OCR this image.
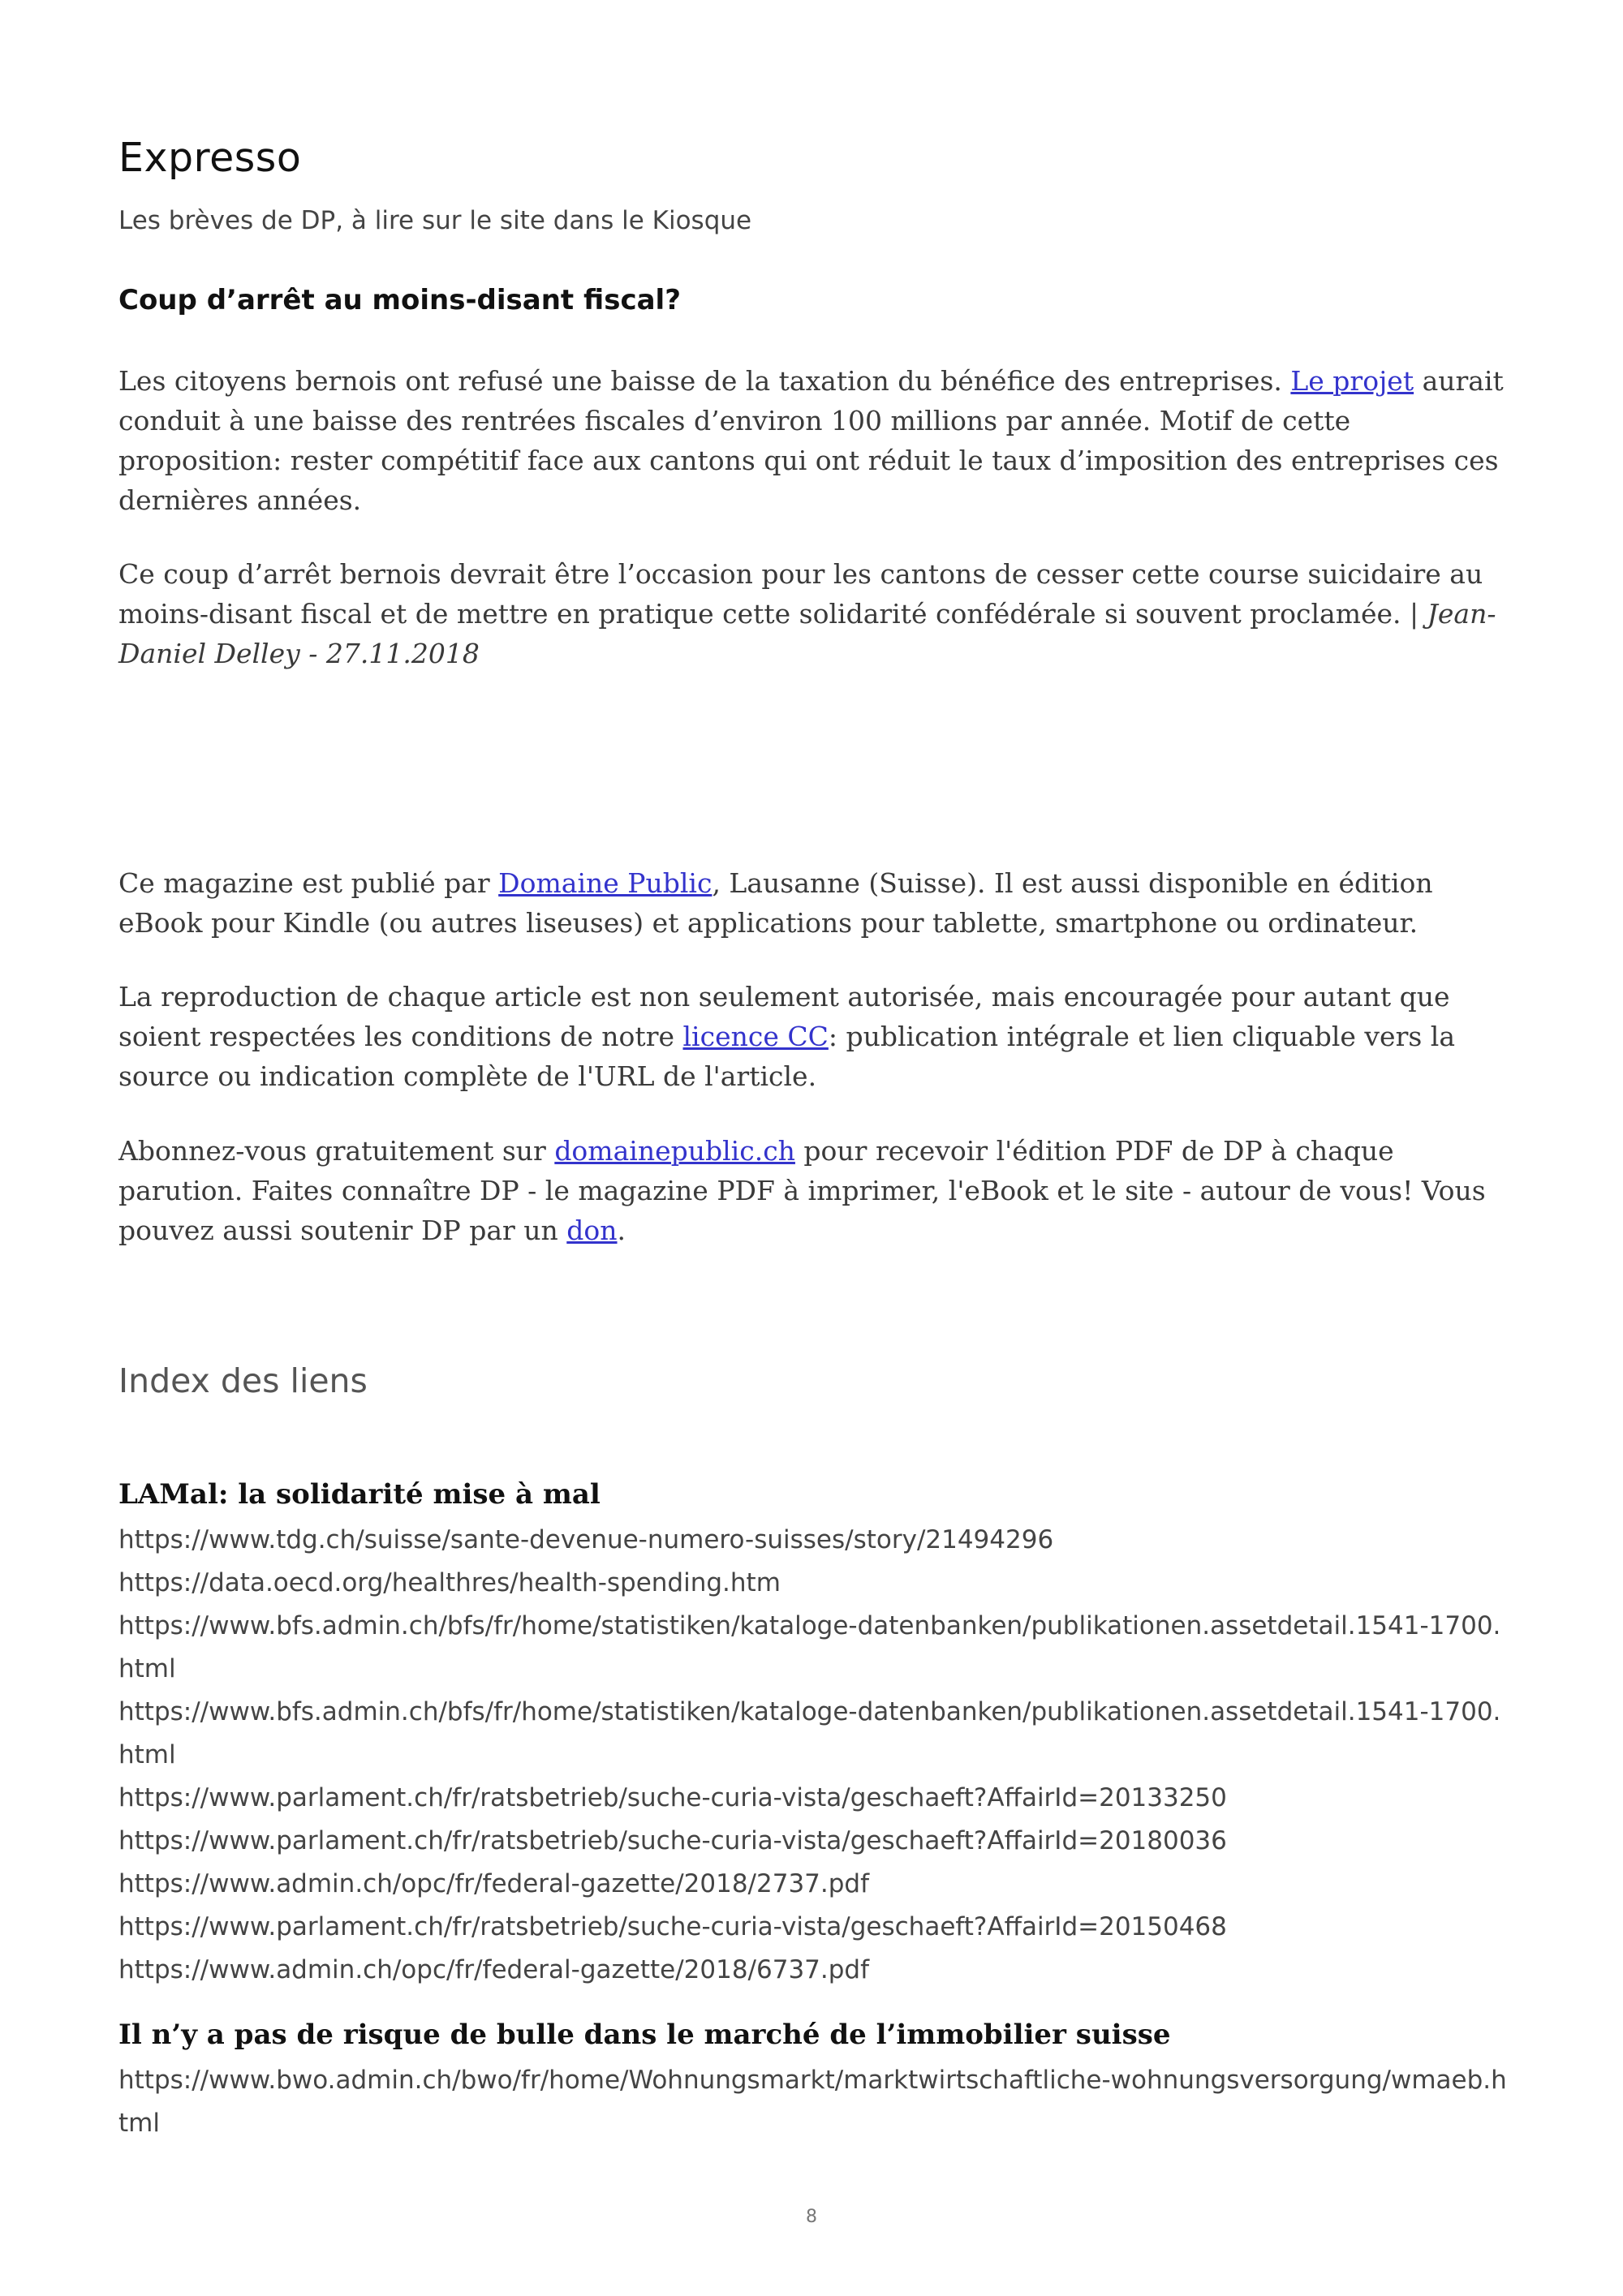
Expresso
Les brèves de DP, à lire sur le site dans le Kiosque
Coup d’arrêt au moins-disant fiscal?

Les citoyens bernois ont refusé une baisse de la taxation du bénéfice des entreprises. Le projet aurait conduit à une baisse des rentrées fiscales d’environ 100 millions par année. Motif de cette proposition: rester compétitif face aux cantons qui ont réduit le taux d’imposition des entreprises ces dernières années.

Ce coup d’arrêt bernois devrait être l’occasion pour les cantons de cesser cette course suicidaire au moins-disant fiscal et de mettre en pratique cette solidarité confédérale si souvent proclamée. | Jean-Daniel Delley - 27.11.2018

Ce magazine est publié par Domaine Public, Lausanne (Suisse). Il est aussi disponible en édition eBook pour Kindle (ou autres liseuses) et applications pour tablette, smartphone ou ordinateur.

La reproduction de chaque article est non seulement autorisée, mais encouragée pour autant que soient respectées les conditions de notre licence CC: publication intégrale et lien cliquable vers la source ou indication complète de l'URL de l'article.

Abonnez-vous gratuitement sur domainepublic.ch pour recevoir l'édition PDF de DP à chaque parution. Faites connaître DP - le magazine PDF à imprimer, l'eBook et le site - autour de vous! Vous pouvez aussi soutenir DP par un don.

Index des liens

LAMal: la solidarité mise à mal

https://www.tdg.ch/suisse/sante-devenue-numero-suisses/story/21494296

https://data.oecd.org/healthres/health-spending.htm

https://www.bfs.admin.ch/bfs/fr/home/statistiken/kataloge-datenbanken/publikationen.assetdetail.1541-1700.html

https://www.bfs.admin.ch/bfs/fr/home/statistiken/kataloge-datenbanken/publikationen.assetdetail.1541-1700.html

https://www.parlament.ch/fr/ratsbetrieb/suche-curia-vista/geschaeft?AffairId=20133250

https://www.parlament.ch/fr/ratsbetrieb/suche-curia-vista/geschaeft?AffairId=20180036

https://www.admin.ch/opc/fr/federal-gazette/2018/2737.pdf

https://www.parlament.ch/fr/ratsbetrieb/suche-curia-vista/geschaeft?AffairId=20150468

https://www.admin.ch/opc/fr/federal-gazette/2018/6737.pdf

Il n’y a pas de risque de bulle dans le marché de l’immobilier suisse

https://www.bwo.admin.ch/bwo/fr/home/Wohnungsmarkt/marktwirtschaftliche-wohnungsversorgung/wmaeb.html

8
